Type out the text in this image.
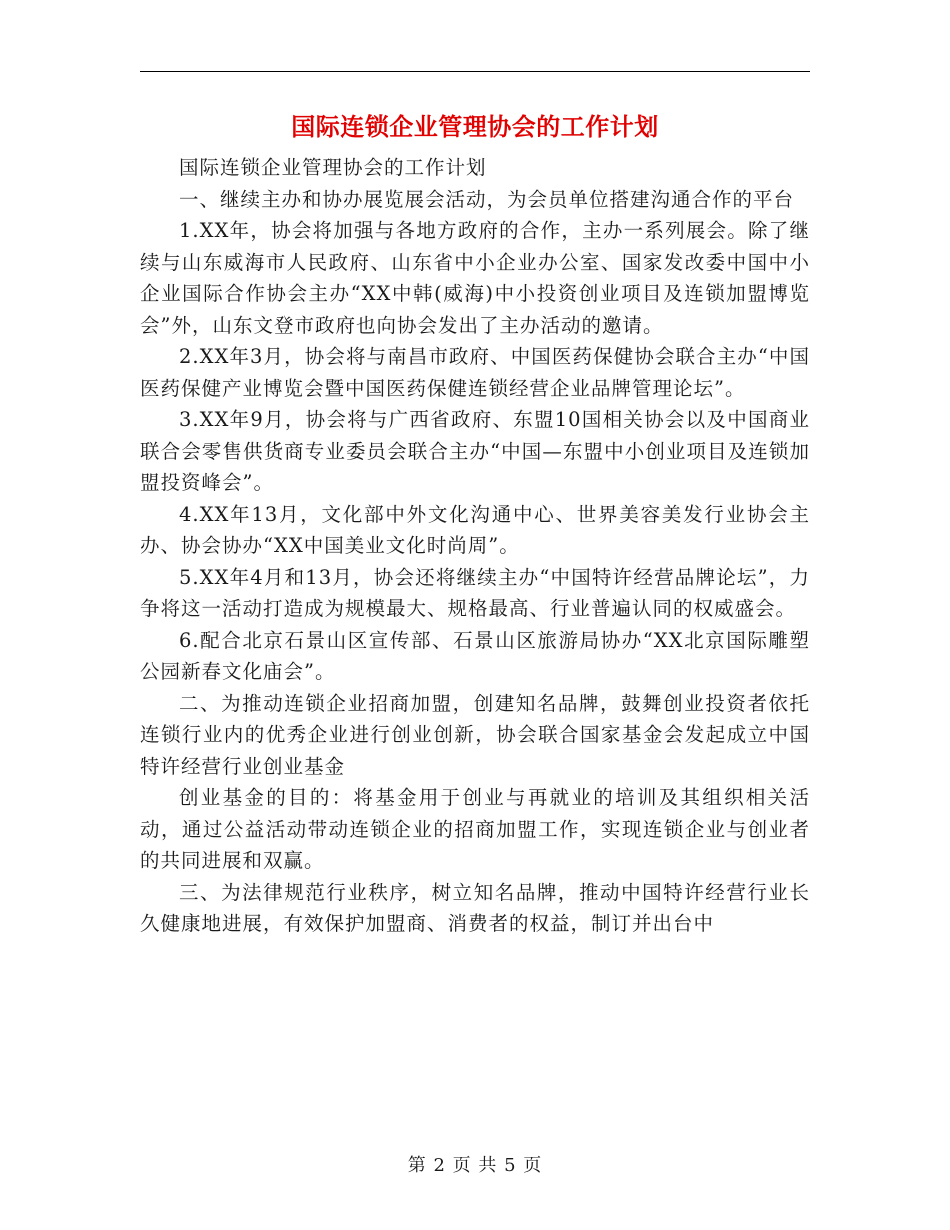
国际连锁企业管理协会的工作计划

国际连锁企业管理协会的工作计划

一、继续主办和协办展览展会活动，为会员单位搭建沟通合作的平台

1.XX年，协会将加强与各地方政府的合作，主办一系列展会。除了继续与山东威海市人民政府、山东省中小企业办公室、国家发改委中国中小企业国际合作协会主办“XX中韩(威海)中小投资创业项目及连锁加盟博览会”外，山东文登市政府也向协会发出了主办活动的邀请。

2.XX年3月，协会将与南昌市政府、中国医药保健协会联合主办“中国医药保健产业博览会暨中国医药保健连锁经营企业品牌管理论坛”。

3.XX年9月，协会将与广西省政府、东盟10国相关协会以及中国商业联合会零售供货商专业委员会联合主办“中国—东盟中小创业项目及连锁加盟投资峰会”。

4.XX年13月，文化部中外文化沟通中心、世界美容美发行业协会主办、协会协办“XX中国美业文化时尚周”。

5.XX年4月和13月，协会还将继续主办“中国特许经营品牌论坛”，力争将这一活动打造成为规模最大、规格最高、行业普遍认同的权威盛会。

6.配合北京石景山区宣传部、石景山区旅游局协办“XX北京国际雕塑公园新春文化庙会”。

二、为推动连锁企业招商加盟，创建知名品牌，鼓舞创业投资者依托连锁行业内的优秀企业进行创业创新，协会联合国家基金会发起成立中国特许经营行业创业基金

创业基金的目的：将基金用于创业与再就业的培训及其组织相关活动，通过公益活动带动连锁企业的招商加盟工作，实现连锁企业与创业者的共同进展和双赢。

三、为法律规范行业秩序，树立知名品牌，推动中国特许经营行业长久健康地进展，有效保护加盟商、消费者的权益，制订并出台中

第 2 页 共 5 页
